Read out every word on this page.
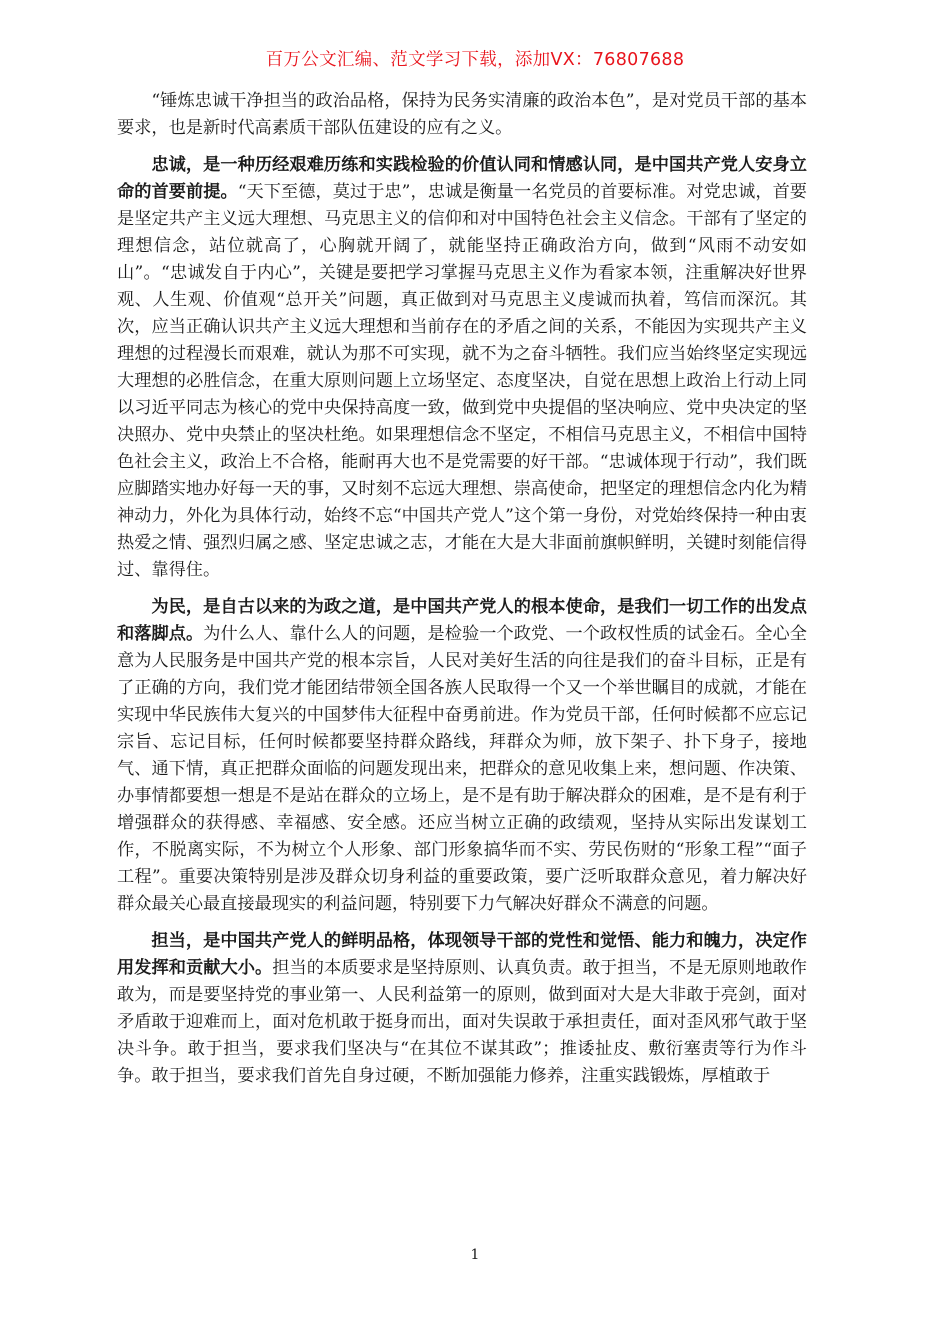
百万公文汇编、范文学习下载，添加VX：76807688

“锤炼忠诚干净担当的政治品格，保持为民务实清廉的政治本色”，是对党员干部的基本要求，也是新时代高素质干部队伍建设的应有之义。

忠诚，是一种历经艰难历练和实践检验的价值认同和情感认同，是中国共产党人安身立命的首要前提。“天下至德，莫过于忠”，忠诚是衡量一名党员的首要标准。对党忠诚，首要是坚定共产主义远大理想、马克思主义的信仰和对中国特色社会主义信念。干部有了坚定的理想信念，站位就高了，心胸就开阔了，就能坚持正确政治方向，做到“风雨不动安如山”。“忠诚发自于内心”，关键是要把学习掌握马克思主义作为看家本领，注重解决好世界观、人生观、价值观“总开关”问题，真正做到对马克思主义虔诚而执着，笃信而深沉。其次，应当正确认识共产主义远大理想和当前存在的矛盾之间的关系，不能因为实现共产主义理想的过程漫长而艰难，就认为那不可实现，就不为之奋斗牺牲。我们应当始终坚定实现远大理想的必胜信念，在重大原则问题上立场坚定、态度坚决，自觉在思想上政治上行动上同以习近平同志为核心的党中央保持高度一致，做到党中央提倡的坚决响应、党中央决定的坚决照办、党中央禁止的坚决杜绝。如果理想信念不坚定，不相信马克思主义，不相信中国特色社会主义，政治上不合格，能耐再大也不是党需要的好干部。“忠诚体现于行动”，我们既应脚踏实地办好每一天的事，又时刻不忘远大理想、崇高使命，把坚定的理想信念内化为精神动力，外化为具体行动，始终不忘“中国共产党人”这个第一身份，对党始终保持一种由衷热爱之情、强烈归属之感、坚定忠诚之志，才能在大是大非面前旗帜鲜明，关键时刻能信得过、靠得住。

为民，是自古以来的为政之道，是中国共产党人的根本使命，是我们一切工作的出发点和落脚点。为什么人、靠什么人的问题，是检验一个政党、一个政权性质的试金石。全心全意为人民服务是中国共产党的根本宗旨，人民对美好生活的向往是我们的奋斗目标，正是有了正确的方向，我们党才能团结带领全国各族人民取得一个又一个举世瞩目的成就，才能在实现中华民族伟大复兴的中国梦伟大征程中奋勇前进。作为党员干部，任何时候都不应忘记宗旨、忘记目标，任何时候都要坚持群众路线，拜群众为师，放下架子、扑下身子，接地气、通下情，真正把群众面临的问题发现出来，把群众的意见收集上来，想问题、作决策、办事情都要想一想是不是站在群众的立场上，是不是有助于解决群众的困难，是不是有利于增强群众的获得感、幸福感、安全感。还应当树立正确的政绩观，坚持从实际出发谋划工作，不脱离实际，不为树立个人形象、部门形象搞华而不实、劳民伤财的“形象工程”“面子工程”。重要决策特别是涉及群众切身利益的重要政策，要广泛听取群众意见，着力解决好群众最关心最直接最现实的利益问题，特别要下力气解决好群众不满意的问题。

担当，是中国共产党人的鲜明品格，体现领导干部的党性和觉悟、能力和魄力，决定作用发挥和贡献大小。担当的本质要求是坚持原则、认真负责。敢于担当，不是无原则地敢作敢为，而是要坚持党的事业第一、人民利益第一的原则，做到面对大是大非敢于亮剑，面对矛盾敢于迎难而上，面对危机敢于挺身而出，面对失误敢于承担责任，面对歪风邪气敢于坚决斗争。敢于担当，要求我们坚决与“在其位不谋其政”；推诿扯皮、敷衍塞责等行为作斗争。敢于担当，要求我们首先自身过硬，不断加强能力修养，注重实践锻炼，厚植敢于

1
